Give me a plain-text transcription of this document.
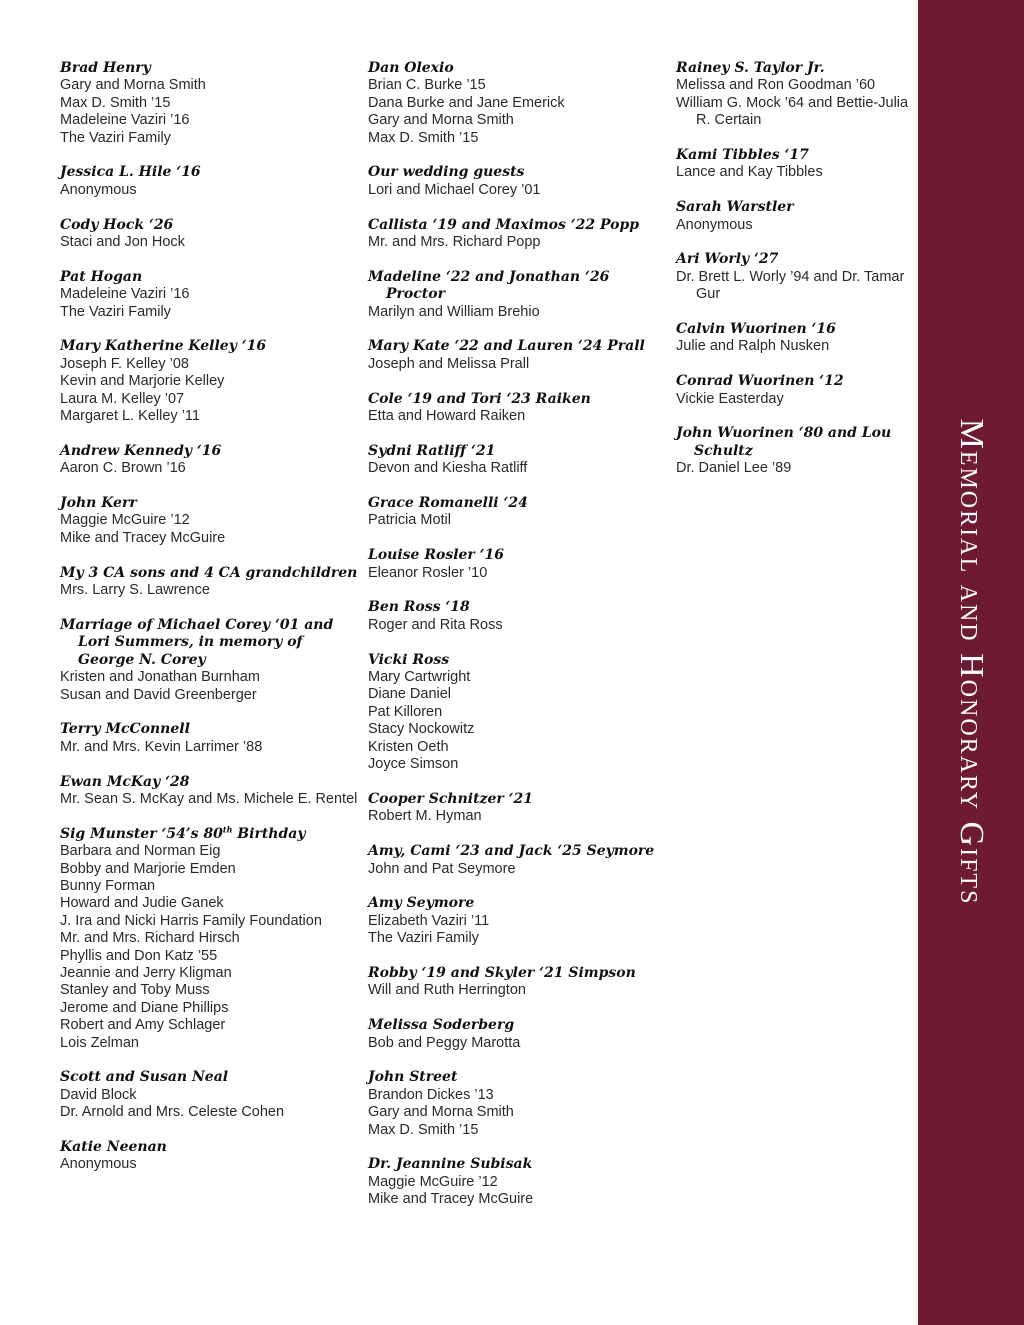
Brad Henry
Gary and Morna Smith
Max D. Smith ’15
Madeleine Vaziri ’16
The Vaziri Family
Jessica L. Hile ‘16
Anonymous
Cody Hock ‘26
Staci and Jon Hock
Pat Hogan
Madeleine Vaziri ’16
The Vaziri Family
Mary Katherine Kelley ‘16
Joseph F. Kelley ’08
Kevin and Marjorie Kelley
Laura M. Kelley ’07
Margaret L. Kelley ’11
Andrew Kennedy ‘16
Aaron C. Brown ’16
John Kerr
Maggie McGuire ’12
Mike and Tracey McGuire
My 3 CA sons and 4 CA grandchildren
Mrs. Larry S. Lawrence
Marriage of Michael Corey ‘01 and Lori Summers, in memory of George N. Corey
Kristen and Jonathan Burnham
Susan and David Greenberger
Terry McConnell
Mr. and Mrs. Kevin Larrimer ’88
Ewan McKay ‘28
Mr. Sean S. McKay and Ms. Michele E. Rentel
Sig Munster ‘54’s 80th Birthday
Barbara and Norman Eig
Bobby and Marjorie Emden
Bunny Forman
Howard and Judie Ganek
J. Ira and Nicki Harris Family Foundation
Mr. and Mrs. Richard Hirsch
Phyllis and Don Katz ’55
Jeannie and Jerry Kligman
Stanley and Toby Muss
Jerome and Diane Phillips
Robert and Amy Schlager
Lois Zelman
Scott and Susan Neal
David Block
Dr. Arnold and Mrs. Celeste Cohen
Katie Neenan
Anonymous
Dan Olexio
Brian C. Burke ’15
Dana Burke and Jane Emerick
Gary and Morna Smith
Max D. Smith ’15
Our wedding guests
Lori and Michael Corey ’01
Callista ‘19 and Maximos ‘22 Popp
Mr. and Mrs. Richard Popp
Madeline ‘22 and Jonathan ‘26 Proctor
Marilyn and William Brehio
Mary Kate ‘22 and Lauren ‘24 Prall
Joseph and Melissa Prall
Cole ‘19 and Tori ‘23 Raiken
Etta and Howard Raiken
Sydni Ratliff ‘21
Devon and Kiesha Ratliff
Grace Romanelli ‘24
Patricia Motil
Louise Rosler ‘16
Eleanor Rosler ’10
Ben Ross ‘18
Roger and Rita Ross
Vicki Ross
Mary Cartwright
Diane Daniel
Pat Killoren
Stacy Nockowitz
Kristen Oeth
Joyce Simson
Cooper Schnitzer ‘21
Robert M. Hyman
Amy, Cami ‘23 and Jack ‘25 Seymore
John and Pat Seymore
Amy Seymore
Elizabeth Vaziri ’11
The Vaziri Family
Robby ‘19 and Skyler ‘21 Simpson
Will and Ruth Herrington
Melissa Soderberg
Bob and Peggy Marotta
John Street
Brandon Dickes ’13
Gary and Morna Smith
Max D. Smith ’15
Dr. Jeannine Subisak
Maggie McGuire ’12
Mike and Tracey McGuire
Rainey S. Taylor Jr.
Melissa and Ron Goodman ’60
William G. Mock ’64 and Bettie-Julia R. Certain
Kami Tibbles ‘17
Lance and Kay Tibbles
Sarah Warstler
Anonymous
Ari Worly ‘27
Dr. Brett L. Worly ’94 and Dr. Tamar Gur
Calvin Wuorinen ‘16
Julie and Ralph Nusken
Conrad Wuorinen ‘12
Vickie Easterday
John Wuorinen ‘80 and Lou Schultz
Dr. Daniel Lee ’89	Memorial and Honorary Gifts
